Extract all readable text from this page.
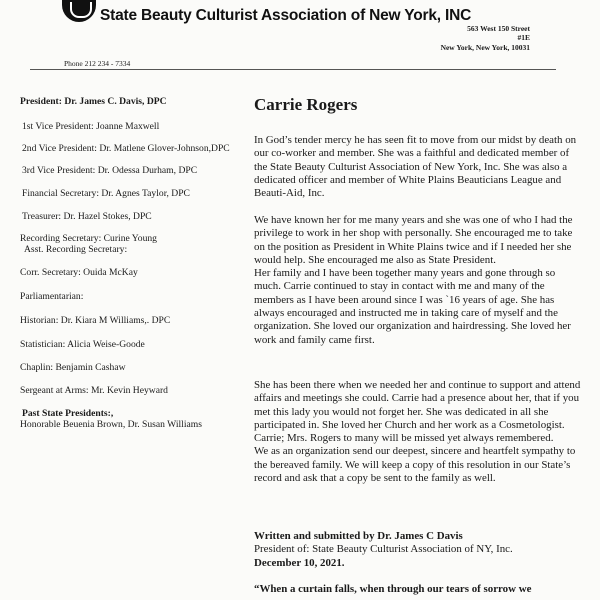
State Beauty Culturist Association of New York, INC
563 West 150 Street
#1E
New York, New York, 10031
Phone 212 234 - 7334
President: Dr. James C. Davis, DPC
1st Vice President: Joanne Maxwell
2nd Vice President: Dr. Matlene Glover-Johnson,DPC
3rd Vice President: Dr. Odessa Durham, DPC
Financial Secretary: Dr. Agnes Taylor, DPC
Treasurer: Dr. Hazel Stokes, DPC
Recording Secretary: Curine Young
Asst. Recording Secretary:
Corr. Secretary: Ouida McKay
Parliamentarian:
Historian: Dr. Kiara M Williams,. DPC
Statistician: Alicia Weise-Goode
Chaplin: Benjamin Cashaw
Sergeant at Arms: Mr. Kevin Heyward
Past State Presidents:,
Honorable Beuenia Brown, Dr. Susan Williams
Carrie Rogers

In God’s tender mercy he has seen fit to move from our midst by death on our co-worker and member. She was a faithful and dedicated member of the State Beauty Culturist Association of New York, Inc. She was also a dedicated officer and member of White Plains Beauticians League and Beauti-Aid, Inc.

We have known her for me many years and she was one of who I had the privilege to work in her shop with personally. She encouraged me to take on the position as President in White Plains twice and if I needed her she would help. She encouraged me also as State President.

Her family and I have been together many years and gone through so much. Carrie continued to stay in contact with me and many of the members as I have been around since I was `16 years of age. She has always encouraged and instructed me in taking care of myself and the organization. She loved our organization and hairdressing. She loved her work and family came first.

She has been there when we needed her and continue to support and attend affairs and meetings she could. Carrie had a presence about her, that if you met this lady you would not forget her. She was dedicated in all she participated in. She loved her Church and her work as a Cosmetologist. Carrie; Mrs. Rogers to many will be missed yet always remembered.

We as an organization send our deepest, sincere and heartfelt sympathy to the bereaved family. We will keep a copy of this resolution in our State’s record and ask that a copy be sent to the family as well.

Written and submitted by Dr. James C Davis

President of: State Beauty Culturist Association of NY, Inc.

December 10, 2021.

“When a curtain falls, when through our tears of sorrow we
